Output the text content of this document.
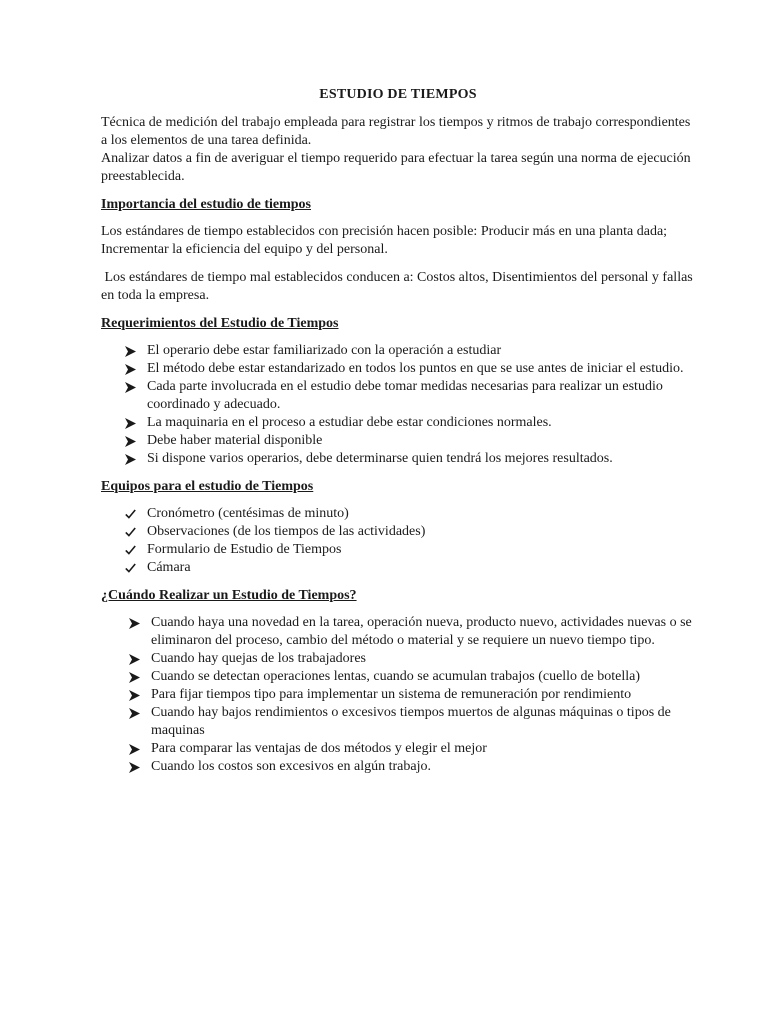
ESTUDIO DE TIEMPOS

Técnica de medición del trabajo empleada para registrar los tiempos y ritmos de trabajo correspondientes a los elementos de una tarea definida.

Analizar datos a fin de averiguar el tiempo requerido para efectuar la tarea según una norma de ejecución preestablecida.

Importancia del estudio de tiempos

Los estándares de tiempo establecidos con precisión hacen posible: Producir más en una planta dada; Incrementar la eficiencia del equipo y del personal.

Los estándares de tiempo mal establecidos conducen a: Costos altos, Disentimientos del personal y fallas en toda la empresa.

Requerimientos del Estudio de Tiempos
El operario debe estar familiarizado con la operación a estudiar
El método debe estar estandarizado en todos los puntos en que se use antes de iniciar el estudio.
Cada parte involucrada en el estudio debe tomar medidas necesarias para realizar un estudio coordinado y adecuado.
La maquinaria en el proceso a estudiar debe estar condiciones normales.
Debe haber material disponible
Si dispone varios operarios, debe determinarse quien tendrá los mejores resultados.
Equipos para el estudio de Tiempos
Cronómetro (centésimas de minuto)
Observaciones (de los tiempos de las actividades)
Formulario de Estudio de Tiempos
Cámara
¿Cuándo Realizar un Estudio de Tiempos?
Cuando haya una novedad en la tarea, operación nueva, producto nuevo, actividades nuevas o se eliminaron del proceso, cambio del método o material y se requiere un nuevo tiempo tipo.
Cuando hay quejas de los trabajadores
Cuando se detectan operaciones lentas, cuando se acumulan trabajos (cuello de botella)
Para fijar tiempos tipo para implementar un sistema de remuneración por rendimiento
Cuando hay bajos rendimientos o excesivos tiempos muertos de algunas máquinas o tipos de maquinas
Para comparar las ventajas de dos métodos y elegir el mejor
Cuando los costos son excesivos en algún trabajo.
